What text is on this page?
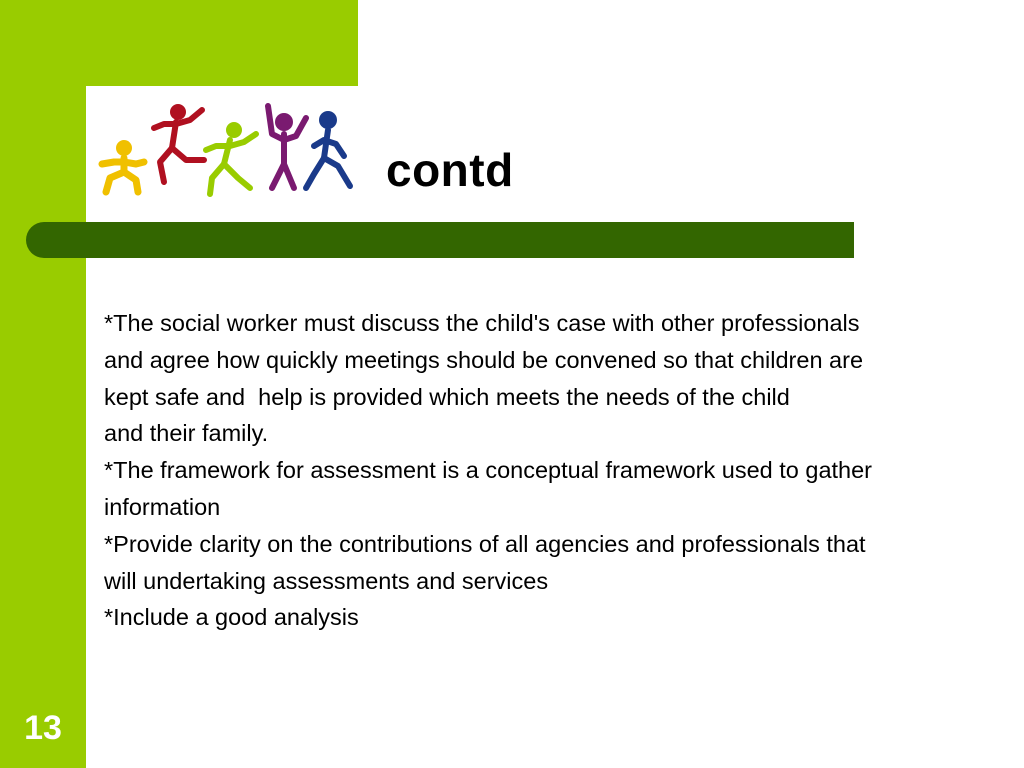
contd
*The social worker must discuss the child's case with other professionals
and agree how quickly meetings should be convened so that children are
kept safe and  help is provided which meets the needs of the child
and their family.
*The framework for assessment is a conceptual framework used to gather
information
*Provide clarity on the contributions of all agencies and professionals that
will undertaking assessments and services
*Include a good analysis
13
